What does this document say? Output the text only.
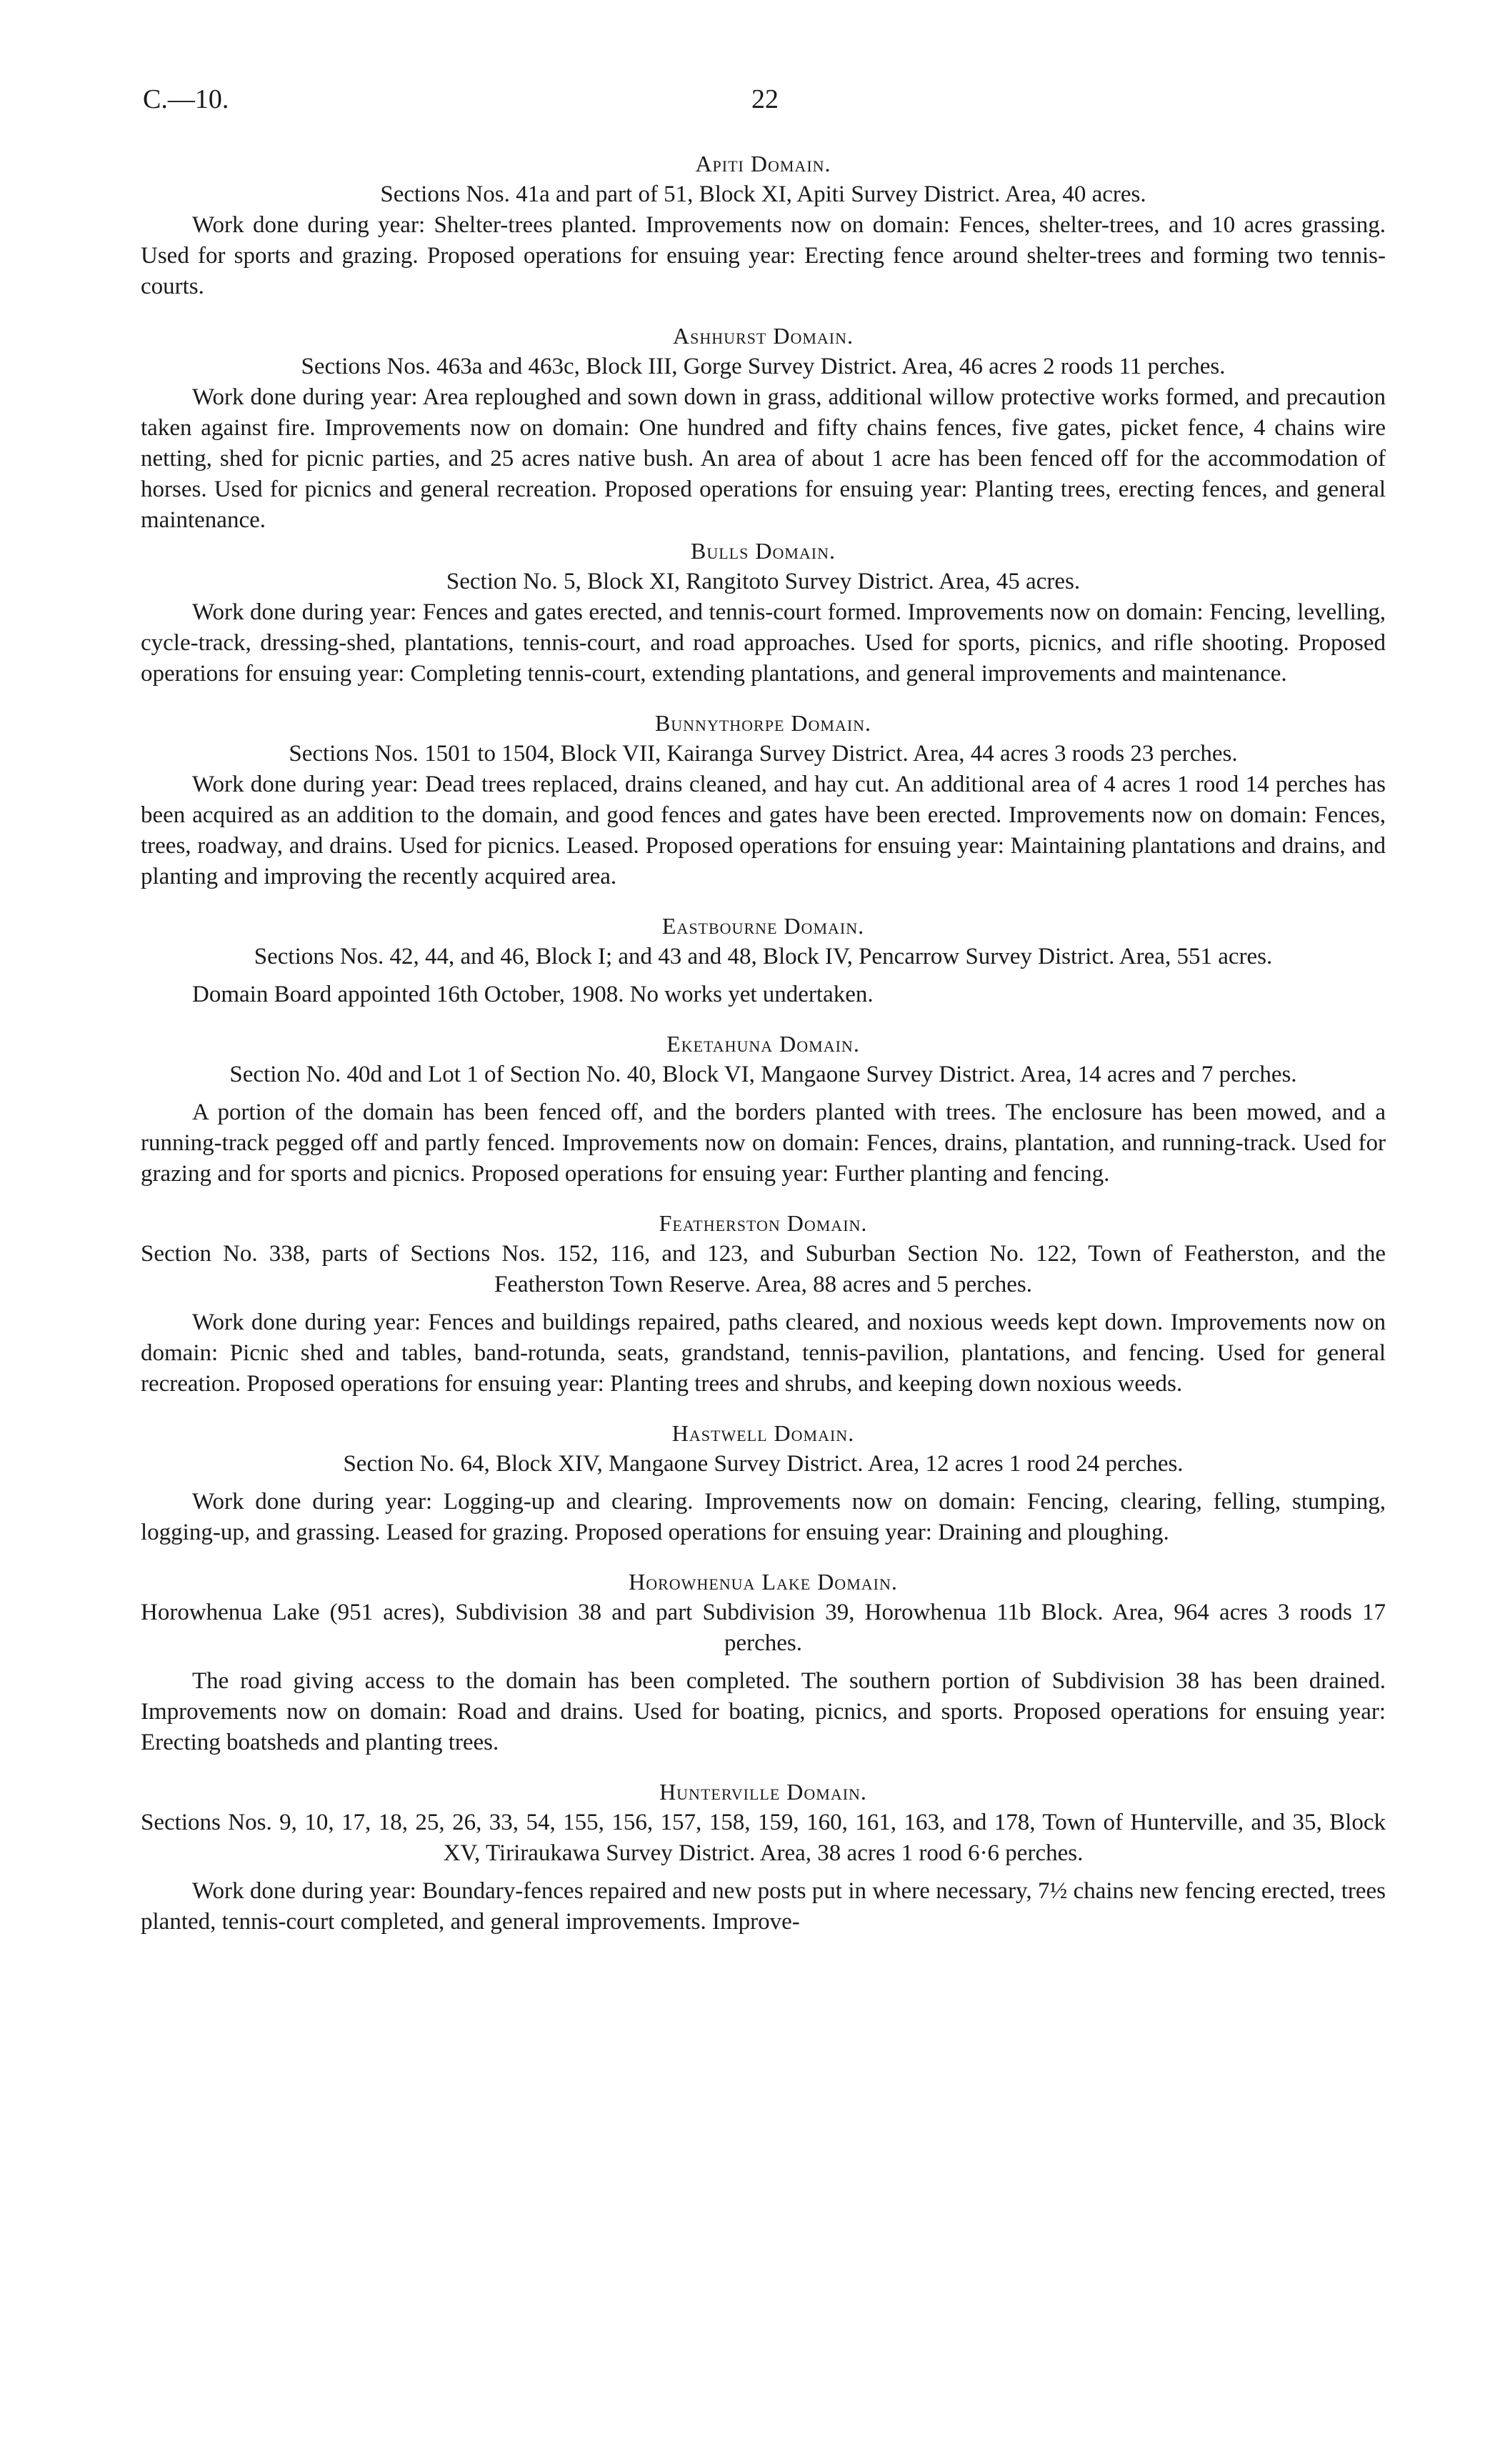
C.—10.	22

Apiti Domain.

Sections Nos. 41a and part of 51, Block XI, Apiti Survey District. Area, 40 acres.

Work done during year: Shelter-trees planted. Improvements now on domain: Fences, shelter-trees, and 10 acres grassing. Used for sports and grazing. Proposed operations for ensuing year: Erecting fence around shelter-trees and forming two tennis-courts.

Ashhurst Domain.

Sections Nos. 463a and 463c, Block III, Gorge Survey District. Area, 46 acres 2 roods 11 perches.

Work done during year: Area reploughed and sown down in grass, additional willow protective works formed, and precaution taken against fire. Improvements now on domain: One hundred and fifty chains fences, five gates, picket fence, 4 chains wire netting, shed for picnic parties, and 25 acres native bush. An area of about 1 acre has been fenced off for the accommodation of horses. Used for picnics and general recreation. Proposed operations for ensuing year: Planting trees, erecting fences, and general maintenance.

Bulls Domain.

Section No. 5, Block XI, Rangitoto Survey District. Area, 45 acres.

Work done during year: Fences and gates erected, and tennis-court formed. Improvements now on domain: Fencing, levelling, cycle-track, dressing-shed, plantations, tennis-court, and road approaches. Used for sports, picnics, and rifle shooting. Proposed operations for ensuing year: Completing tennis-court, extending plantations, and general improvements and maintenance.

Bunnythorpe Domain.

Sections Nos. 1501 to 1504, Block VII, Kairanga Survey District. Area, 44 acres 3 roods 23 perches.

Work done during year: Dead trees replaced, drains cleaned, and hay cut. An additional area of 4 acres 1 rood 14 perches has been acquired as an addition to the domain, and good fences and gates have been erected. Improvements now on domain: Fences, trees, roadway, and drains. Used for picnics. Leased. Proposed operations for ensuing year: Maintaining plantations and drains, and planting and improving the recently acquired area.

Eastbourne Domain.

Sections Nos. 42, 44, and 46, Block I; and 43 and 48, Block IV, Pencarrow Survey District. Area, 551 acres.

Domain Board appointed 16th October, 1908. No works yet undertaken.

Eketahuna Domain.

Section No. 40d and Lot 1 of Section No. 40, Block VI, Mangaone Survey District. Area, 14 acres and 7 perches.

A portion of the domain has been fenced off, and the borders planted with trees. The enclosure has been mowed, and a running-track pegged off and partly fenced. Improvements now on domain: Fences, drains, plantation, and running-track. Used for grazing and for sports and picnics. Proposed operations for ensuing year: Further planting and fencing.

Featherston Domain.

Section No. 338, parts of Sections Nos. 152, 116, and 123, and Suburban Section No. 122, Town of Featherston, and the Featherston Town Reserve. Area, 88 acres and 5 perches.

Work done during year: Fences and buildings repaired, paths cleared, and noxious weeds kept down. Improvements now on domain: Picnic shed and tables, band-rotunda, seats, grandstand, tennis-pavilion, plantations, and fencing. Used for general recreation. Proposed operations for ensuing year: Planting trees and shrubs, and keeping down noxious weeds.

Hastwell Domain.

Section No. 64, Block XIV, Mangaone Survey District. Area, 12 acres 1 rood 24 perches.

Work done during year: Logging-up and clearing. Improvements now on domain: Fencing, clearing, felling, stumping, logging-up, and grassing. Leased for grazing. Proposed operations for ensuing year: Draining and ploughing.

Horowhenua Lake Domain.

Horowhenua Lake (951 acres), Subdivision 38 and part Subdivision 39, Horowhenua 11b Block. Area, 964 acres 3 roods 17 perches.

The road giving access to the domain has been completed. The southern portion of Subdivision 38 has been drained. Improvements now on domain: Road and drains. Used for boating, picnics, and sports. Proposed operations for ensuing year: Erecting boatsheds and planting trees.

Hunterville Domain.

Sections Nos. 9, 10, 17, 18, 25, 26, 33, 54, 155, 156, 157, 158, 159, 160, 161, 163, and 178, Town of Hunterville, and 35, Block XV, Tiriraukawa Survey District. Area, 38 acres 1 rood 6·6 perches.

Work done during year: Boundary-fences repaired and new posts put in where necessary, 7½ chains new fencing erected, trees planted, tennis-court completed, and general improvements. Improve-
